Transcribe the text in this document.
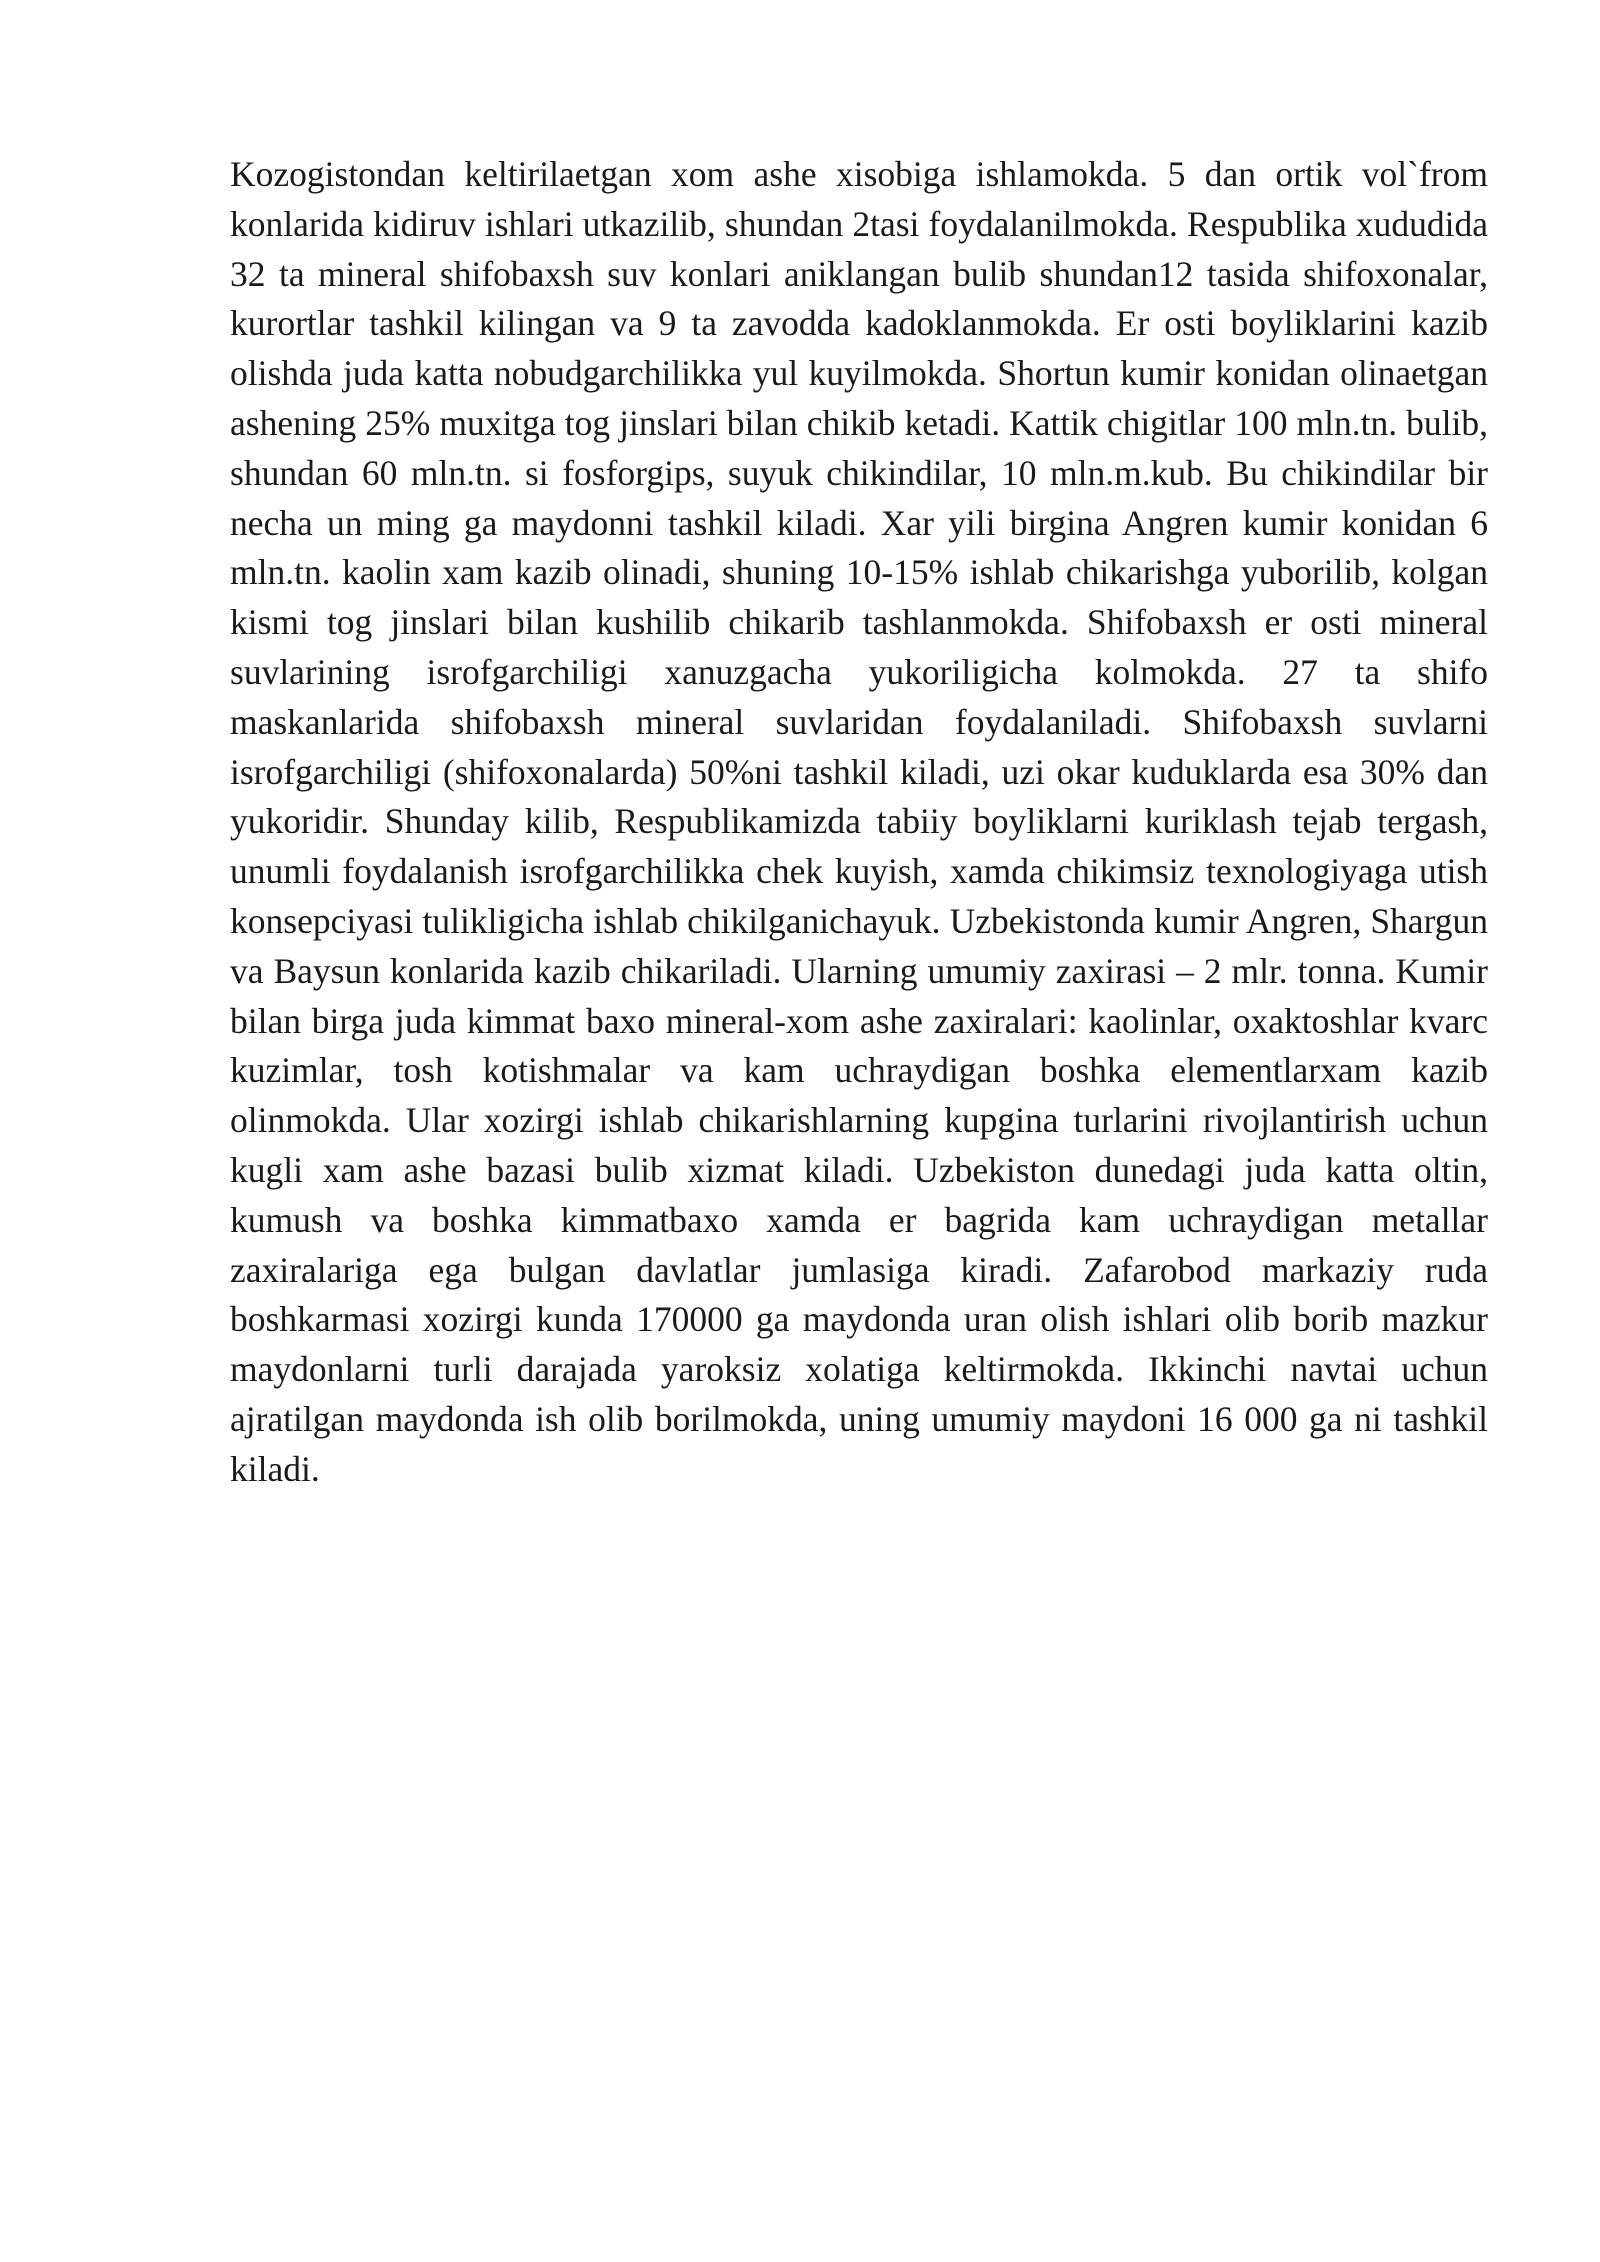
Kozogistondan keltirilaetgan xom ashe xisobiga ishlamokda. 5 dan ortik vol`from konlarida kidiruv ishlari utkazilib, shundan 2tasi foydalanilmokda. Respublika xududida 32 ta mineral shifobaxsh suv konlari aniklangan bulib shundan12 tasida shifoxonalar, kurortlar tashkil kilingan va 9 ta zavodda kadoklanmokda. Er osti boyliklarini kazib olishda juda katta nobudgarchilikka yul kuyilmokda. Shortun kumir konidan olinaetgan ashening 25% muxitga tog jinslari bilan chikib ketadi. Kattik chigitlar 100 mln.tn. bulib, shundan 60 mln.tn. si fosforgips, suyuk chikindilar, 10 mln.m.kub. Bu chikindilar bir necha un ming ga maydonni tashkil kiladi. Xar yili birgina Angren kumir konidan 6 mln.tn. kaolin xam kazib olinadi, shuning 10-15% ishlab chikarishga yuborilib, kolgan kismi tog jinslari bilan kushilib chikarib tashlanmokda. Shifobaxsh er osti mineral suvlarining isrofgarchiligi xanuzgacha yukoriligicha kolmokda. 27 ta shifo maskanlarida shifobaxsh mineral suvlaridan foydalaniladi. Shifobaxsh suvlarni isrofgarchiligi (shifoxonalarda) 50%ni tashkil kiladi, uzi okar kuduklarda esa 30% dan yukoridir. Shunday kilib, Respublikamizda tabiiy boyliklarni kuriklash tejab tergash, unumli foydalanish isrofgarchilikka chek kuyish, xamda chikimsiz texnologiyaga utish konsepciyasi tulikligicha ishlab chikilganichayuk. Uzbekistonda kumir Angren, Shargun va Baysun konlarida kazib chikariladi. Ularning umumiy zaxirasi – 2 mlr. tonna. Kumir bilan birga juda kimmat baxo mineral-xom ashe zaxiralari: kaolinlar, oxaktoshlar kvarc kuzimlar, tosh kotishmalar va kam uchraydigan boshka elementlarxam kazib olinmokda. Ular xozirgi ishlab chikarishlarning kupgina turlarini rivojlantirish uchun kugli xam ashe bazasi bulib xizmat kiladi. Uzbekiston dunedagi juda katta oltin, kumush va boshka kimmatbaxo xamda er bagrida kam uchraydigan metallar zaxiralariga ega bulgan davlatlar jumlasiga kiradi. Zafarobod markaziy ruda boshkarmasi xozirgi kunda 170000 ga maydonda uran olish ishlari olib borib mazkur maydonlarni turli darajada yaroksiz xolatiga keltirmokda. Ikkinchi navtai uchun ajratilgan maydonda ish olib borilmokda, uning umumiy maydoni 16 000 ga ni tashkil kiladi.
